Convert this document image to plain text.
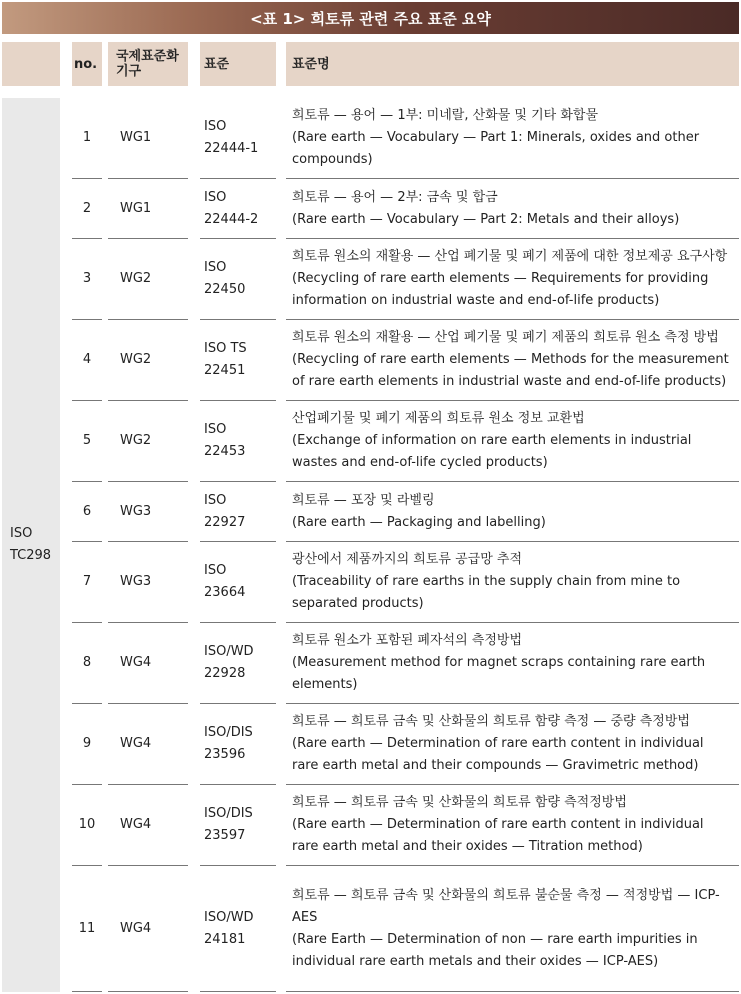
<표 1> 희토류 관련 주요 표준 요약

		no.		국제표준화
기구		표준		표준명

ISO
TC298		1		WG1		ISO
22444-1		희토류 — 용어 — 1부: 미네랄, 산화물 및 기타 화합물
(Rare earth — Vocabulary — Part 1: Minerals, oxides and other compounds)

		2		WG1		ISO
22444-2		희토류 — 용어 — 2부: 금속 및 합금
(Rare earth — Vocabulary — Part 2: Metals and their alloys)

		3		WG2		ISO
22450		희토류 원소의 재활용 — 산업 폐기물 및 폐기 제품에 대한 정보제공 요구사항
(Recycling of rare earth elements — Requirements for providing information on industrial waste and end-of-life products)

		4		WG2		ISO TS
22451		희토류 원소의 재활용 — 산업 폐기물 및 폐기 제품의 희토류 원소 측정 방법
(Recycling of rare earth elements — Methods for the measurement of rare earth elements in industrial waste and end-of-life products)

		5		WG2		ISO
22453		산업폐기물 및 폐기 제품의 희토류 원소 정보 교환법
(Exchange of information on rare earth elements in industrial wastes and end-of-life cycled products)

		6		WG3		ISO
22927		희토류 — 포장 및 라벨링
(Rare earth — Packaging and labelling)

		7		WG3		ISO
23664		광산에서 제품까지의 희토류 공급망 추적
(Traceability of rare earths in the supply chain from mine to separated products)

		8		WG4		ISO/WD
22928		희토류 원소가 포함된 폐자석의 측정방법
(Measurement method for magnet scraps containing rare earth elements)

		9		WG4		ISO/DIS
23596		희토류 — 희토류 금속 및 산화물의 희토류 함량 측정 — 중량 측정방법
(Rare earth — Determination of rare earth content in individual rare earth metal and their compounds — Gravimetric method)

		10		WG4		ISO/DIS
23597		희토류 — 희토류 금속 및 산화물의 희토류 함량 측적정방법
(Rare earth — Determination of rare earth content in individual rare earth metal and their oxides — Titration method)

		11		WG4		ISO/WD
24181		희토류 — 희토류 금속 및 산화물의 희토류 불순물 측정 — 적정방법 — ICP-AES
(Rare Earth — Determination of non — rare earth impurities in individual rare earth metals and their oxides — ICP-AES)
